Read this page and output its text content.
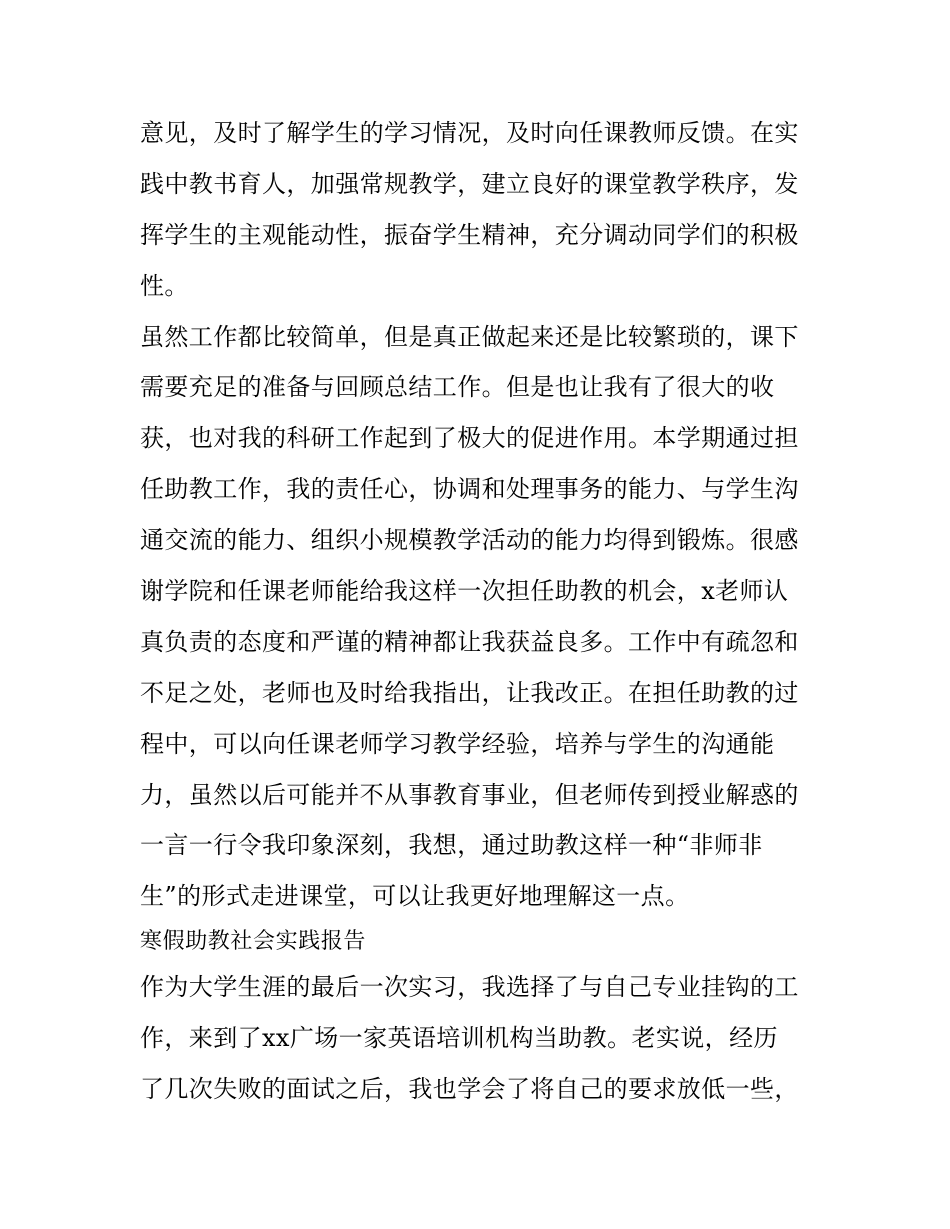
意见，及时了解学生的学习情况，及时向任课教师反馈。在实
践中教书育人，加强常规教学，建立良好的课堂教学秩序，发
挥学生的主观能动性，振奋学生精神，充分调动同学们的积极
性。
虽然工作都比较简单，但是真正做起来还是比较繁琐的，课下
需要充足的准备与回顾总结工作。但是也让我有了很大的收
获，也对我的科研工作起到了极大的促进作用。本学期通过担
任助教工作，我的责任心，协调和处理事务的能力、与学生沟
通交流的能力、组织小规模教学活动的能力均得到锻炼。很感
谢学院和任课老师能给我这样一次担任助教的机会，x老师认
真负责的态度和严谨的精神都让我获益良多。工作中有疏忽和
不足之处，老师也及时给我指出，让我改正。在担任助教的过
程中，可以向任课老师学习教学经验，培养与学生的沟通能
力，虽然以后可能并不从事教育事业，但老师传到授业解惑的
一言一行令我印象深刻，我想，通过助教这样一种“非师非
生”的形式走进课堂，可以让我更好地理解这一点。
寒假助教社会实践报告
作为大学生涯的最后一次实习，我选择了与自己专业挂钩的工
作，来到了xx广场一家英语培训机构当助教。老实说，经历
了几次失败的面试之后，我也学会了将自己的要求放低一些，
